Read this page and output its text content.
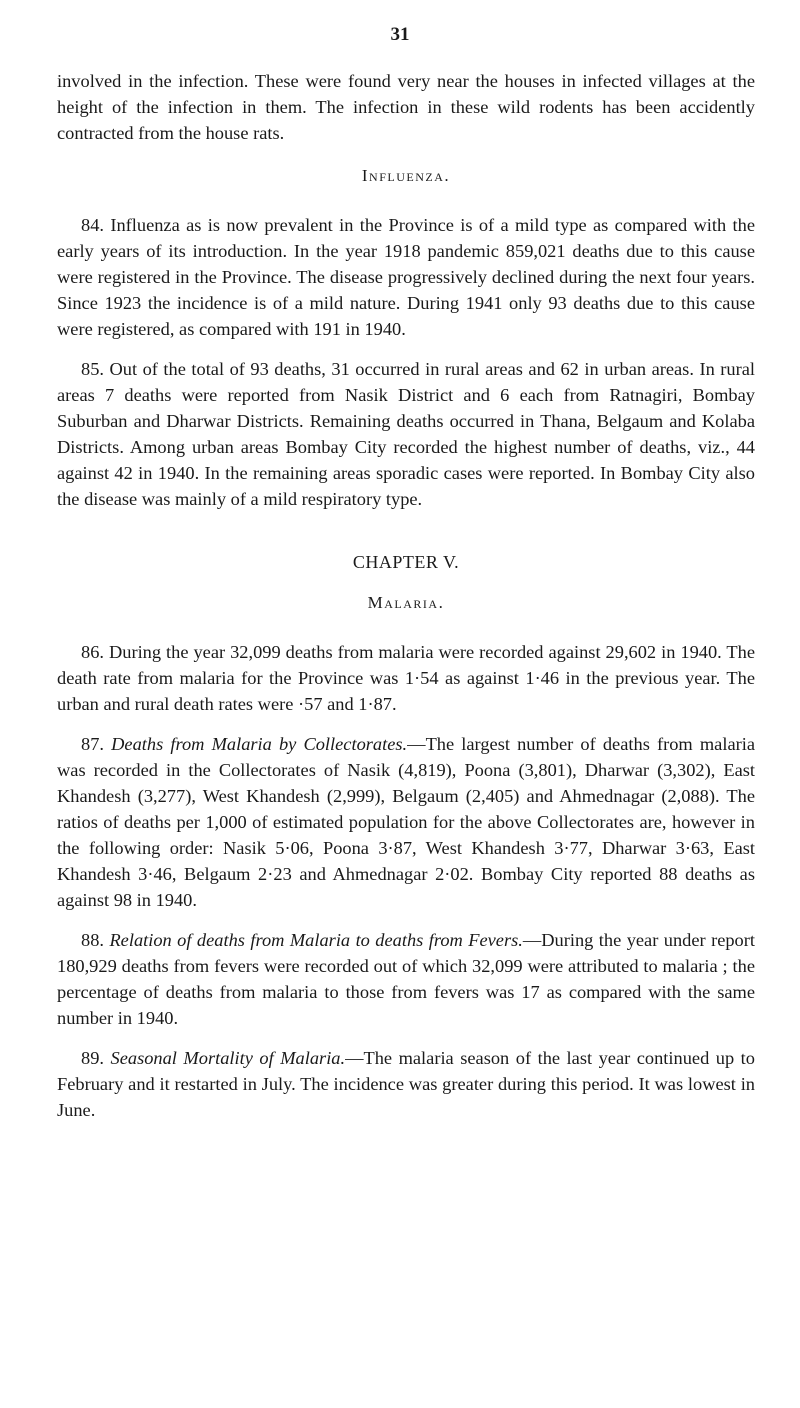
31

involved in the infection. These were found very near the houses in infected villages at the height of the infection in them. The infection in these wild rodents has been accidently contracted from the house rats.

Influenza.

84. Influenza as is now prevalent in the Province is of a mild type as compared with the early years of its introduction. In the year 1918 pandemic 859,021 deaths due to this cause were registered in the Province. The disease progressively declined during the next four years. Since 1923 the incidence is of a mild nature. During 1941 only 93 deaths due to this cause were registered, as compared with 191 in 1940.

85. Out of the total of 93 deaths, 31 occurred in rural areas and 62 in urban areas. In rural areas 7 deaths were reported from Nasik District and 6 each from Ratnagiri, Bombay Suburban and Dharwar Districts. Remaining deaths occurred in Thana, Belgaum and Kolaba Districts. Among urban areas Bombay City recorded the highest number of deaths, viz., 44 against 42 in 1940. In the remaining areas sporadic cases were reported. In Bombay City also the disease was mainly of a mild respiratory type.

CHAPTER V.
Malaria.

86. During the year 32,099 deaths from malaria were recorded against 29,602 in 1940. The death rate from malaria for the Province was 1·54 as against 1·46 in the previous year. The urban and rural death rates were ·57 and 1·87.

87. Deaths from Malaria by Collectorates.—The largest number of deaths from malaria was recorded in the Collectorates of Nasik (4,819), Poona (3,801), Dharwar (3,302), East Khandesh (3,277), West Khandesh (2,999), Belgaum (2,405) and Ahmednagar (2,088). The ratios of deaths per 1,000 of estimated population for the above Collectorates are, however in the following order: Nasik 5·06, Poona 3·87, West Khandesh 3·77, Dharwar 3·63, East Khandesh 3·46, Belgaum 2·23 and Ahmednagar 2·02. Bombay City reported 88 deaths as against 98 in 1940.

88. Relation of deaths from Malaria to deaths from Fevers.—During the year under report 180,929 deaths from fevers were recorded out of which 32,099 were attributed to malaria ; the percentage of deaths from malaria to those from fevers was 17 as compared with the same number in 1940.

89. Seasonal Mortality of Malaria.—The malaria season of the last year continued up to February and it restarted in July. The incidence was greater during this period. It was lowest in June.
